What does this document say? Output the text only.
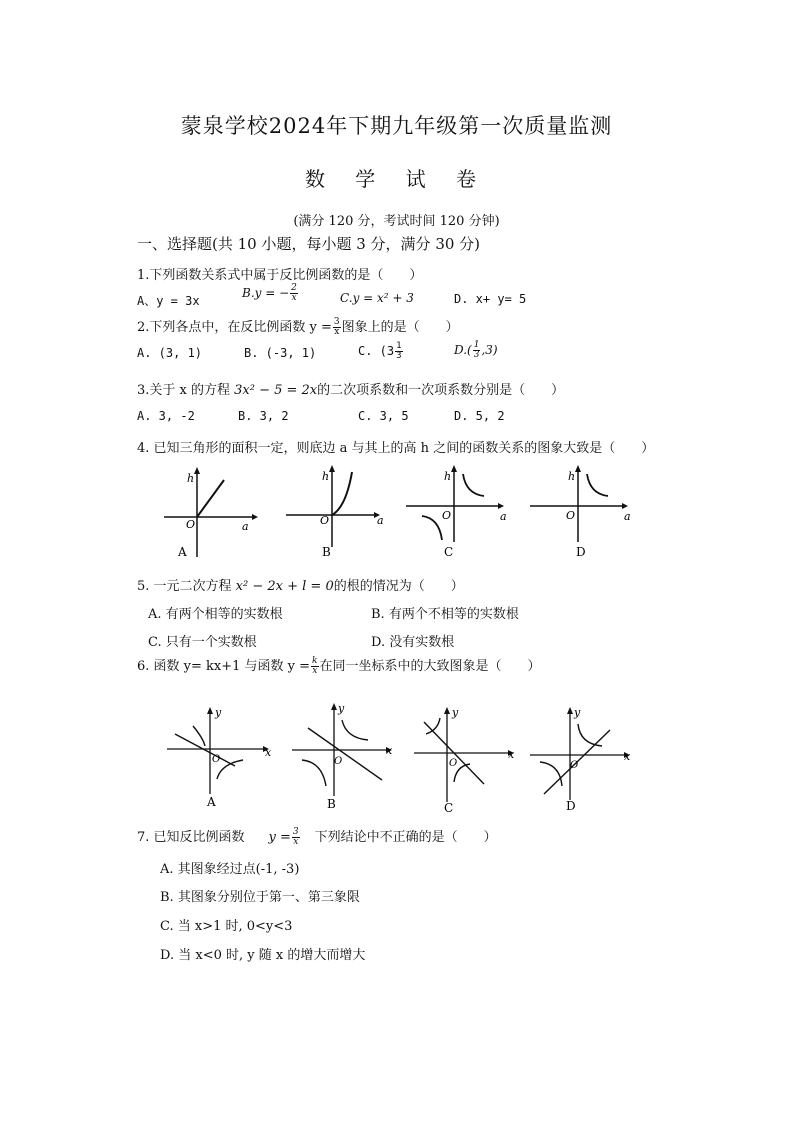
蒙泉学校2024年下期九年级第一次质量监测
数 学 试 卷
(满分 120 分，考试时间 120 分钟)
一、选择题(共 10 小题，每小题 3 分，满分 30 分)
1.下列函数关系式中属于反比例函数的是（　　）
A、y = 3x
B.y = − $\frac{2}{x}$	C.y = x² + 3	D. x+ y= 5
2.下列各点中，在反比例函数 $y = \frac{3}{x}$ 图象上的是（　　）
A. (3, 1)	B. (-3, 1)	C. ($3 \frac{1}{3}$	$D.( \frac{1}{3} ,3)$
3.关于 x 的方程 3x² − 5 = 2x的二次项系数和一次项系数分别是（　　）
A. 3, -2	B. 3, 2	C. 3, 5	D. 5, 2
4. 已知三角形的面积一定，则底边 a 与其上的高 h 之间的函数关系的图象大致是（　　）
h
a
O
A
h
a
O
B
h
a
O
C
h
a
O
D
5. 一元二次方程 x² − 2x + l = 0的根的情况为（　　）
A. 有两个相等的实数根	B. 有两个不相等的实数根
C. 只有一个实数根	D. 没有实数根
6. 函数 y= kx+1 与函数 $y = \frac{k}{x}$ 在同一坐标系中的大致图象是（　　）
y
x
O
A
y
x
O
B
y
x
O
C
y
x
O
D
7. 已知反比例函数 $y = \frac{3}{x}$ 下列结论中不正确的是（　　）
A. 其图象经过点(-1, -3)
B. 其图象分别位于第一、第三象限
C. 当 x>1 时, 0<y<3
D. 当 x<0 时, y 随 x 的增大而增大
